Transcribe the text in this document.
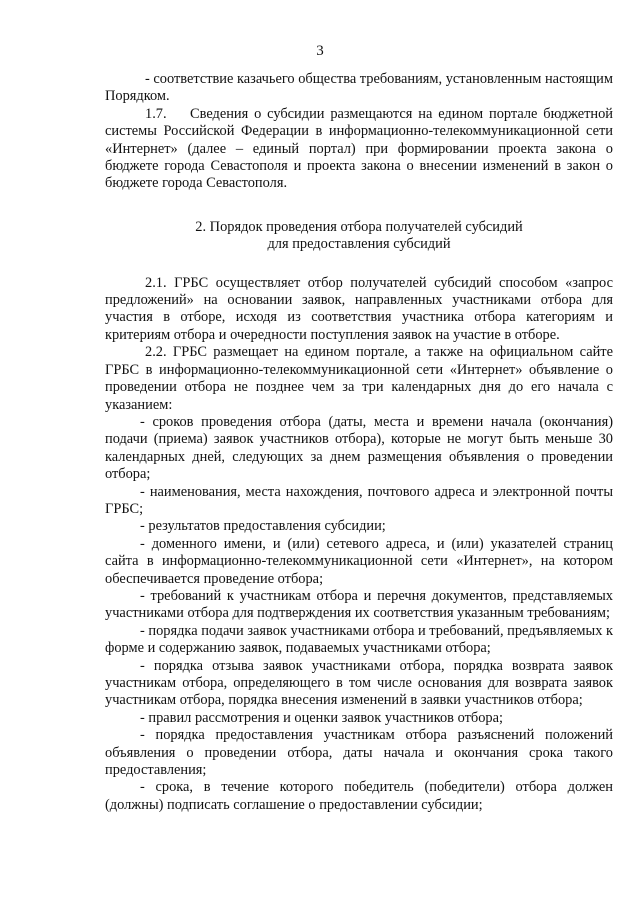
3

- соответствие казачьего общества требованиям, установленным настоящим Порядком.

1.7.    Сведения о субсидии размещаются на едином портале бюджетной системы Российской Федерации в информационно-телекоммуникационной сети «Интернет» (далее – единый портал) при формировании проекта закона о бюджете города Севастополя и проекта закона о внесении изменений в закон о бюджете города Севастополя.

2. Порядок проведения отбора получателей субсидий
для предоставления субсидий

2.1. ГРБС осуществляет отбор получателей субсидий способом «запрос предложений» на основании заявок, направленных участниками отбора для участия в отборе, исходя из соответствия участника отбора категориям и критериям отбора и очередности поступления заявок на участие в отборе.

2.2. ГРБС размещает на едином портале, а также на официальном сайте ГРБС в информационно-телекоммуникационной сети «Интернет» объявление о проведении отбора не позднее чем за три календарных дня до его начала с указанием:

- сроков проведения отбора (даты, места и времени начала (окончания) подачи (приема) заявок участников отбора), которые не могут быть меньше 30 календарных дней, следующих за днем размещения объявления о проведении отбора;

- наименования, места нахождения, почтового адреса и электронной почты ГРБС;

- результатов предоставления субсидии;

- доменного имени, и (или) сетевого адреса, и (или) указателей страниц сайта в информационно-телекоммуникационной сети «Интернет», на котором обеспечивается проведение отбора;

- требований к участникам отбора и перечня документов, представляемых участниками отбора для подтверждения их соответствия указанным требованиям;

- порядка подачи заявок участниками отбора и требований, предъявляемых к форме и содержанию заявок, подаваемых участниками отбора;

- порядка отзыва заявок участниками отбора, порядка возврата заявок участникам отбора, определяющего в том числе основания для возврата заявок участникам отбора, порядка внесения изменений в заявки участников отбора;

- правил рассмотрения и оценки заявок участников отбора;

- порядка предоставления участникам отбора разъяснений положений объявления о проведении отбора, даты начала и окончания срока такого предоставления;

- срока, в течение которого победитель (победители) отбора должен (должны) подписать соглашение о предоставлении субсидии;
